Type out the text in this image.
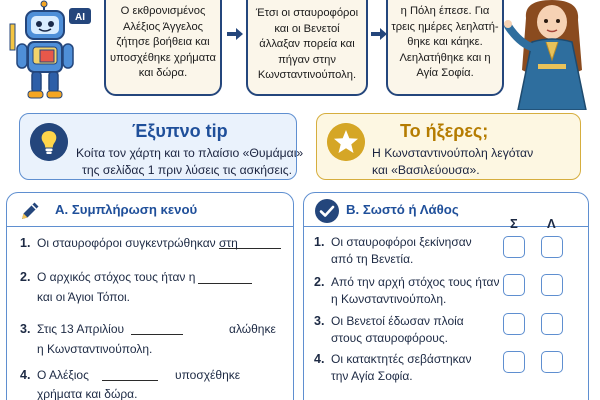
AI
Ο εκθρονισμένος
Αλέξιος Άγγελος
ζήτησε βοήθεια και
υποσχέθηκε χρήματα
και δώρα.
Έτσι οι σταυροφόροι
και οι Βενετοί
άλλαξαν πορεία και
πήγαν στην
Κωνσταντινούπολη.
η Πόλη έπεσε. Για
τρεις ημέρες λεηλατή-
θηκε και κάηκε.
Λεηλατήθηκε και η
Αγία Σοφία.
Έξυπνο tip
Κοίτα τον χάρτη και το πλαίσιο «Θυμάμαι»
της σελίδας 1 πριν λύσεις τις ασκήσεις.
Το ήξερες;
Η Κωνσταντινούπολη λεγόταν
και «Βασιλεύουσα».
Α. Συμπλήρωση κενού
1. Οι σταυροφόροι συγκεντρώθηκαν στη
2. Ο αρχικός στόχος τους ήταν η
και οι Άγιοι Τόποι.
3. Στις 13 Απριλίου
η Κωνσταντινούπολη.
αλώθηκε
4. Ο Αλέξιος
χρήματα και δώρα.
υποσχέθηκε
Β. Σωστό ή Λάθος
Σ Λ
1. Οι σταυροφόροι ξεκίνησαν
από τη Βενετία.
2. Από την αρχή στόχος τους ήταν
η Κωνσταντινούπολη.
3. Οι Βενετοί έδωσαν πλοία
στους σταυροφόρους.
4. Οι κατακτητές σεβάστηκαν
την Αγία Σοφία.
